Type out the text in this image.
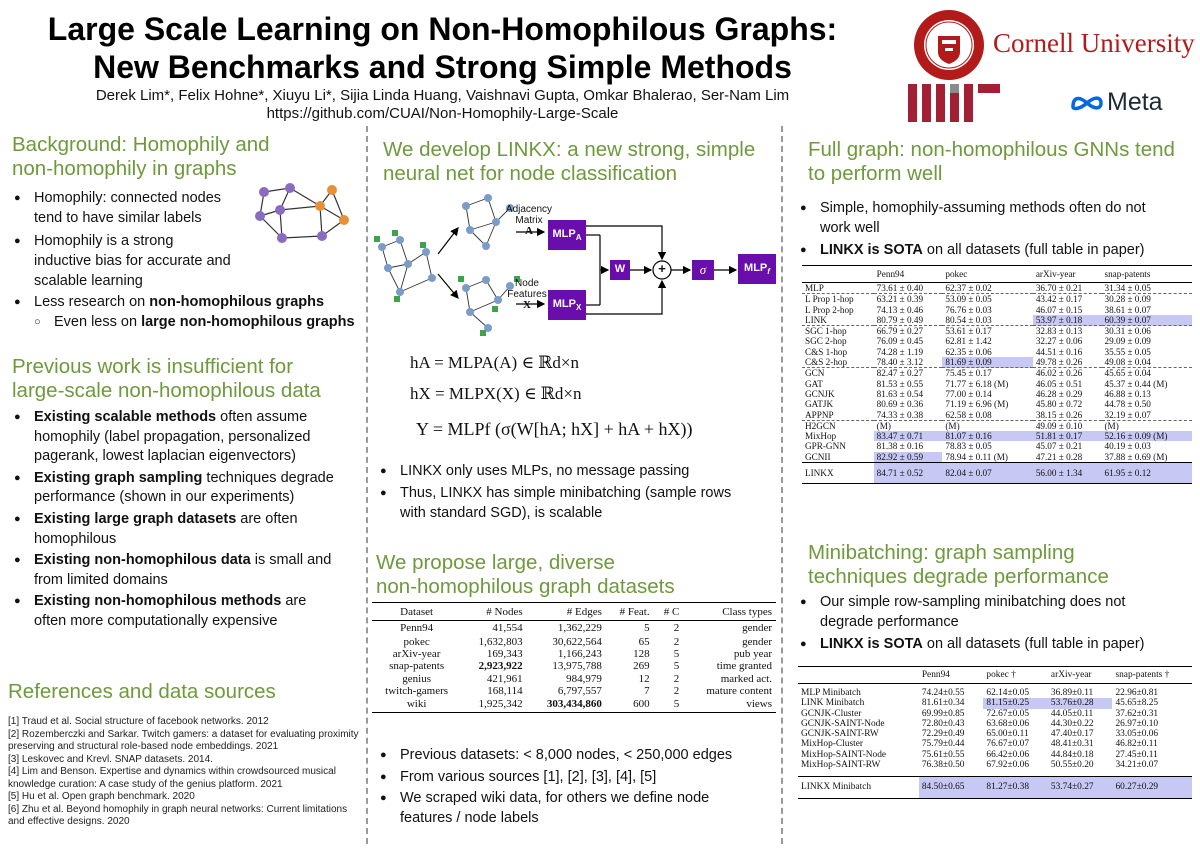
Large Scale Learning on Non-Homophilous Graphs:
New Benchmarks and Strong Simple Methods
Derek Lim*, Felix Hohne*, Xiuyu Li*, Sijia Linda Huang, Vaishnavi Gupta, Omkar Bhalerao, Ser-Nam Lim
https://github.com/CUAI/Non-Homophily-Large-Scale
Cornell University
Meta
Background: Homophily and
non-homophily in graphs
● Homophily: connected nodes
tend to have similar labels
● Homophily is a strong
inductive bias for accurate and
scalable learning
● Less research on non-homophilous graphs
○ Even less on large non-homophilous graphs
Previous work is insufficient for
large-scale non-homophilous data
● Existing scalable methods often assume
homophily (label propagation, personalized
pagerank, lowest laplacian eigenvectors)
● Existing graph sampling techniques degrade
performance (shown in our experiments)
● Existing large graph datasets are often
homophilous
● Existing non-homophilous data is small and
from limited domains
● Existing non-homophilous methods are
often more computationally expensive
References and data sources
[1] Traud et al. Social structure of facebook networks. 2012
[2] Rozemberczki and Sarkar. Twitch gamers: a dataset for evaluating proximity preserving and structural role-based node embeddings. 2021
[3] Leskovec and Krevl. SNAP datasets. 2014.
[4] Lim and Benson. Expertise and dynamics within crowdsourced musical knowledge curation: A case study of the genius platform. 2021
[5] Hu et al. Open graph benchmark. 2020
[6] Zhu et al. Beyond homophily in graph neural networks: Current limitations and effective designs. 2020
We develop LINKX: a new strong, simple
neural net for node classification
Adjacency Matrix
A
Node Features
X
$MLP_A$
$MLP_X$
W	+	σ	$MLP_f$
hA = MLPA(A) ∈ ℝd×n
hX = MLPX(X) ∈ ℝd×n
Y = MLPf (σ(W[hA; hX] + hA + hX))
● LINKX only uses MLPs, no message passing
● Thus, LINKX has simple minibatching (sample rows
with standard SGD), is scalable
We propose large, diverse
non-homophilous graph datasets
Dataset	# Nodes	# Edges	# Feat.	# C	Class types
Penn94	41,554	1,362,229	5	2	gender
pokec	1,632,803	30,622,564	65	2	gender
arXiv-year	169,343	1,166,243	128	5	pub year
snap-patents	2,923,922	13,975,788	269	5	time granted
genius	421,961	984,979	12	2	marked act.
twitch-gamers	168,114	6,797,557	7	2	mature content
wiki	1,925,342	303,434,860	600	5	views
● Previous datasets: < 8,000 nodes, < 250,000 edges
● From various sources [1], [2], [3], [4], [5]
● We scraped wiki data, for others we define node
features / node labels
Full graph: non-homophilous GNNs tend
to perform well
● Simple, homophily-assuming methods often do not
work well
● LINKX is SOTA on all datasets (full table in paper)
	Penn94	pokec	arXiv-year	snap-patents
MLP	73.61 ± 0.40	62.37 ± 0.02	36.70 ± 0.21	31.34 ± 0.05
L Prop 1-hop	63.21 ± 0.39	53.09 ± 0.05	43.42 ± 0.17	30.28 ± 0.09
L Prop 2-hop	74.13 ± 0.46	76.76 ± 0.03	46.07 ± 0.15	38.61 ± 0.07
LINK	80.79 ± 0.49	80.54 ± 0.03	53.97 ± 0.18	60.39 ± 0.07
SGC 1-hop	66.79 ± 0.27	53.61 ± 0.17	32.83 ± 0.13	30.31 ± 0.06
SGC 2-hop	76.09 ± 0.45	62.81 ± 1.42	32.27 ± 0.06	29.09 ± 0.09
C&S 1-hop	74.28 ± 1.19	62.35 ± 0.06	44.51 ± 0.16	35.55 ± 0.05
C&S 2-hop	78.40 ± 3.12	81.69 ± 0.09	49.78 ± 0.26	49.08 ± 0.04
GCN	82.47 ± 0.27	75.45 ± 0.17	46.02 ± 0.26	45.65 ± 0.04
GAT	81.53 ± 0.55	71.77 ± 6.18 (M)	46.05 ± 0.51	45.37 ± 0.44 (M)
GCNJK	81.63 ± 0.54	77.00 ± 0.14	46.28 ± 0.29	46.88 ± 0.13
GATJK	80.69 ± 0.36	71.19 ± 6.96 (M)	45.80 ± 0.72	44.78 ± 0.50
APPNP	74.33 ± 0.38	62.58 ± 0.08	38.15 ± 0.26	32.19 ± 0.07
H2GCN	(M)	(M)	49.09 ± 0.10	(M)
MixHop	83.47 ± 0.71	81.07 ± 0.16	51.81 ± 0.17	52.16 ± 0.09 (M)
GPR-GNN	81.38 ± 0.16	78.83 ± 0.05	45.07 ± 0.21	40.19 ± 0.03
GCNII	82.92 ± 0.59	78.94 ± 0.11 (M)	47.21 ± 0.28	37.88 ± 0.69 (M)
LINKX	84.71 ± 0.52	82.04 ± 0.07	56.00 ± 1.34	61.95 ± 0.12
Minibatching: graph sampling
techniques degrade performance
● Our simple row-sampling minibatching does not
degrade performance
● LINKX is SOTA on all datasets (full table in paper)
	Penn94	pokec †	arXiv-year	snap-patents †
MLP Minibatch	74.24±0.55	62.14±0.05	36.89±0.11	22.96±0.81
LINK Minibatch	81.61±0.34	81.15±0.25	53.76±0.28	45.65±8.25
GCNJK-Cluster	69.99±0.85	72.67±0.05	44.05±0.11	37.62±0.31
GCNJK-SAINT-Node	72.80±0.43	63.68±0.06	44.30±0.22	26.97±0.10
GCNJK-SAINT-RW	72.29±0.49	65.00±0.11	47.40±0.17	33.05±0.06
MixHop-Cluster	75.79±0.44	76.67±0.07	48.41±0.31	46.82±0.11
MixHop-SAINT-Node	75.61±0.55	66.42±0.06	44.84±0.18	27.45±0.11
MixHop-SAINT-RW	76.38±0.50	67.92±0.06	50.55±0.20	34.21±0.07
LINKX Minibatch	84.50±0.65	81.27±0.38	53.74±0.27	60.27±0.29
